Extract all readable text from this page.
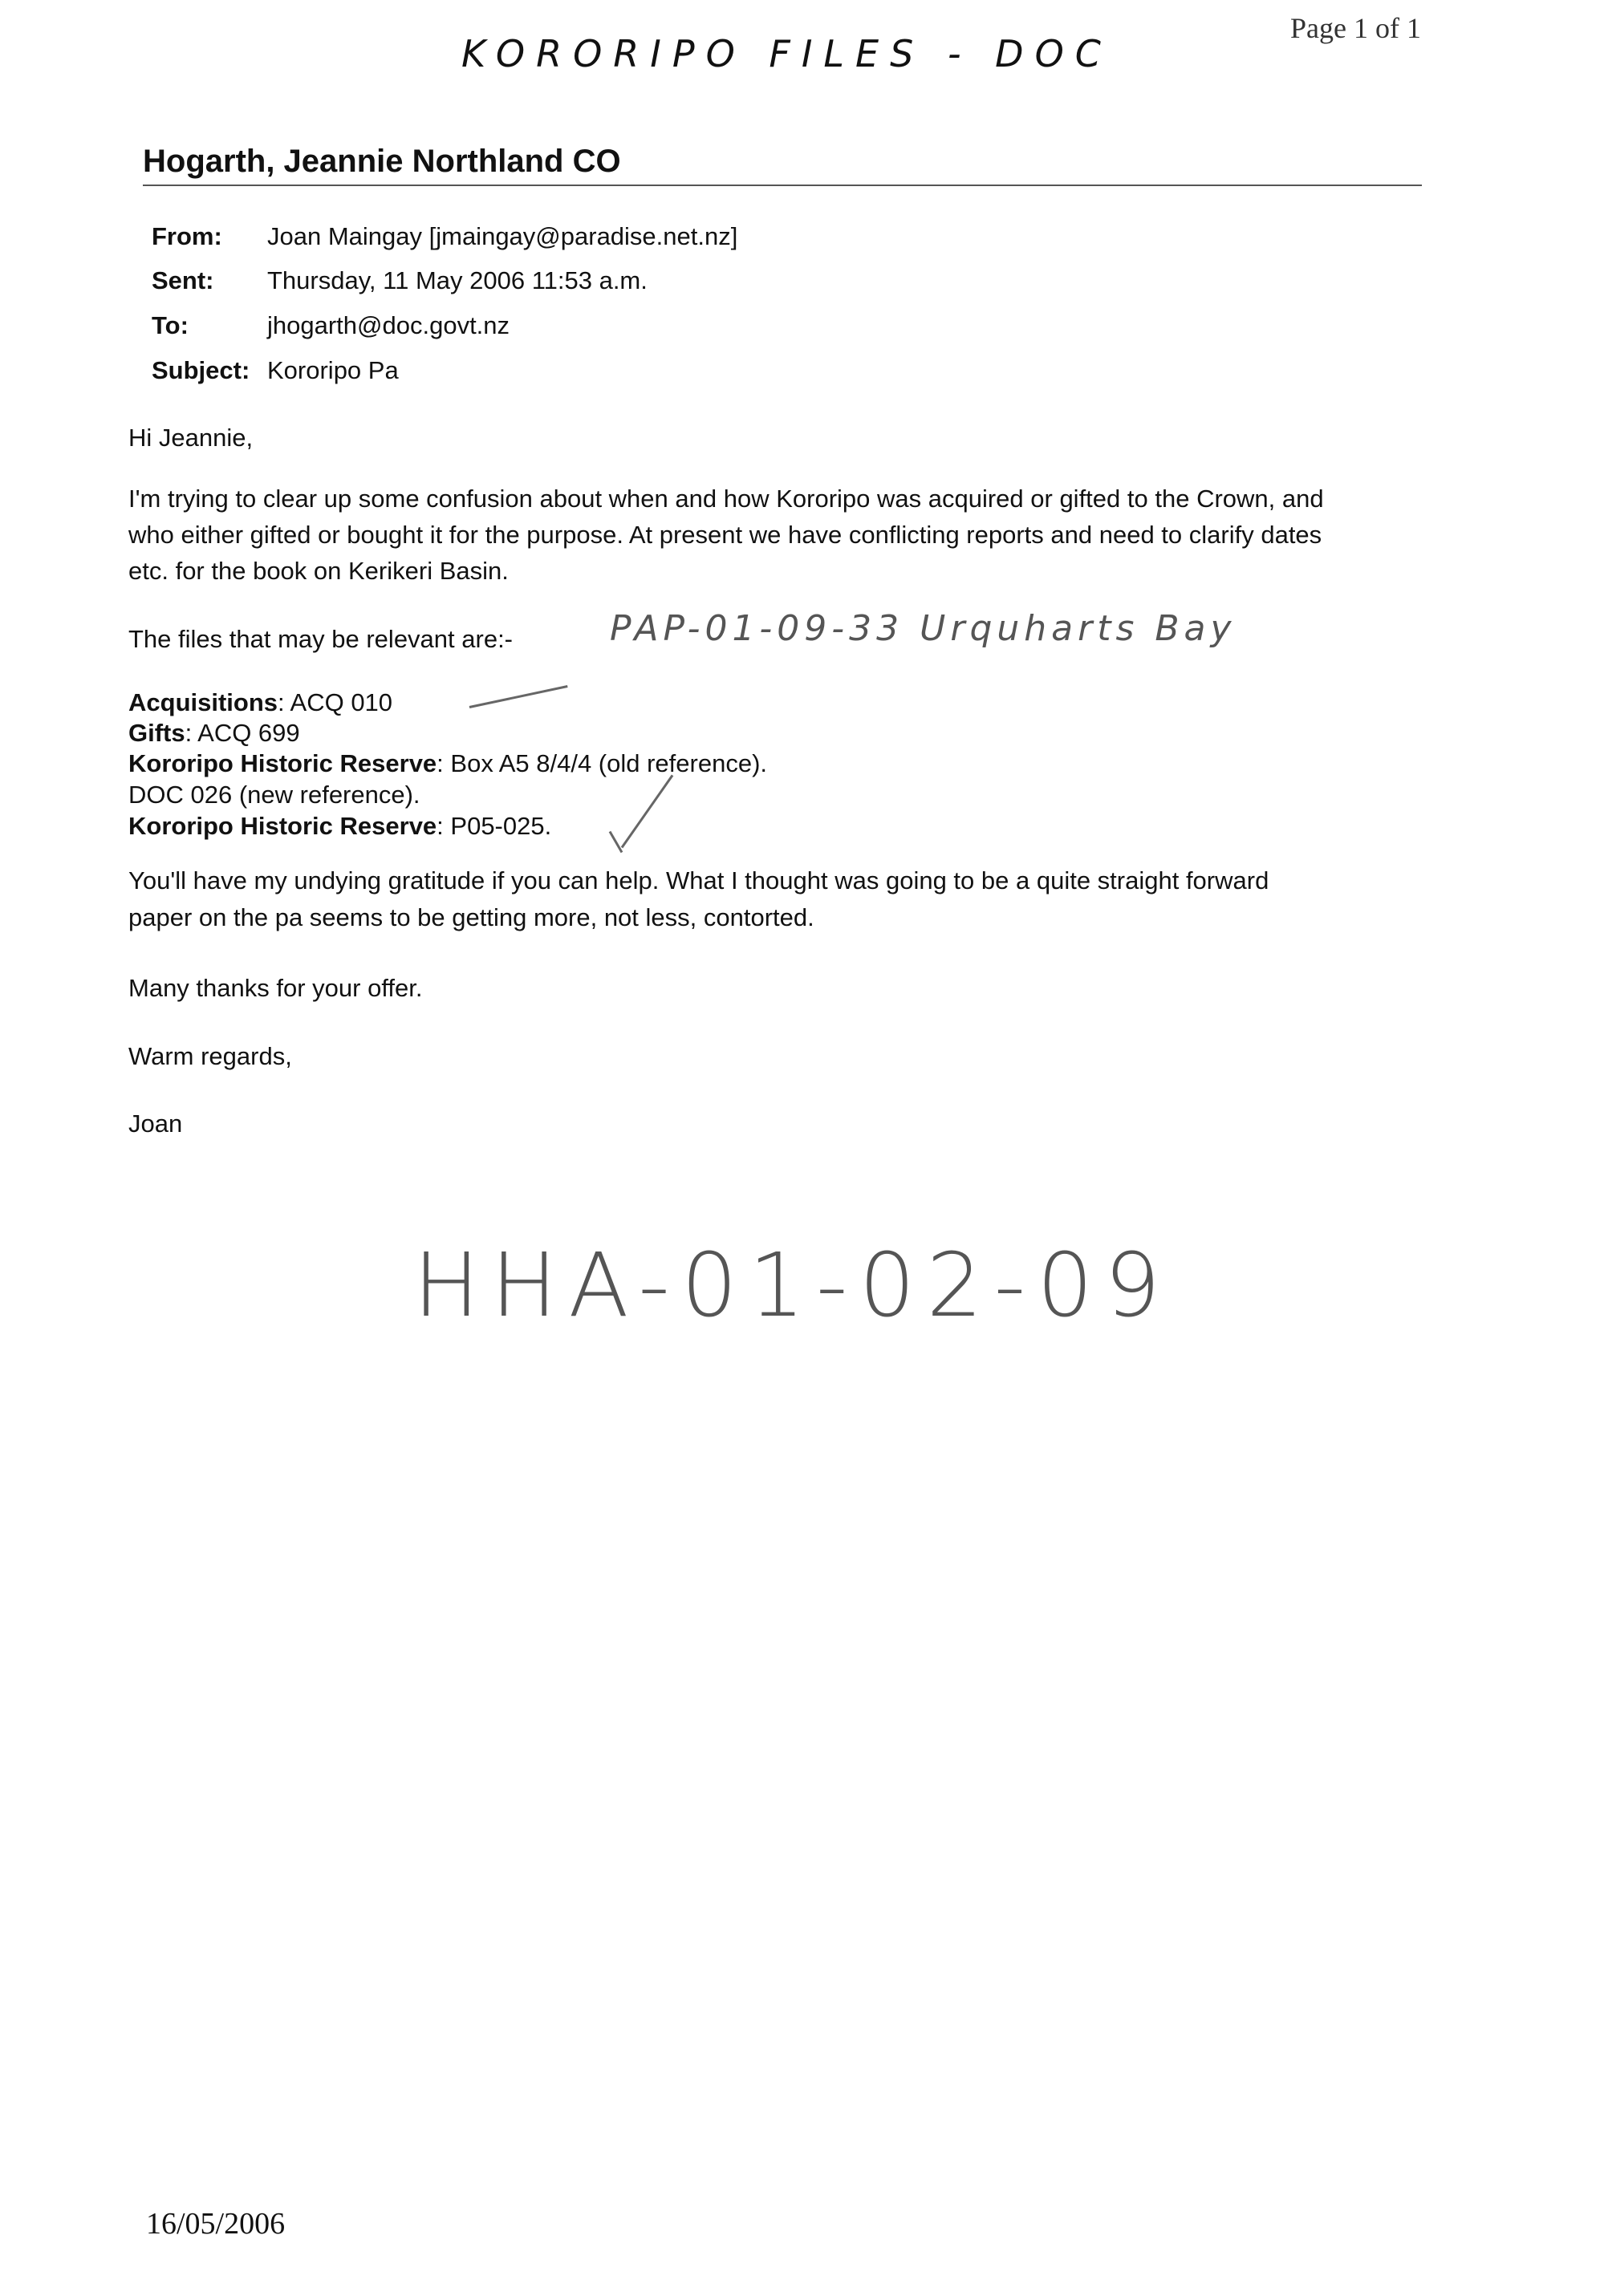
Page 1 of 1
KORORIPO FILES - DOC
Hogarth, Jeannie Northland CO
From: Joan Maingay [jmaingay@paradise.net.nz]
Sent: Thursday, 11 May 2006 11:53 a.m.
To:	jhogarth@doc.govt.nz
Subject: Kororipo Pa
Hi Jeannie,
I'm trying to clear up some confusion about when and how Kororipo was acquired or gifted to the Crown, and
who either gifted or bought it for the purpose. At present we have conflicting reports and need to clarify dates
etc. for the book on Kerikeri Basin.
The files that may be relevant are:-	PAP-01-09-33 Urquharts Bay
Acquisitions: ACQ 010
Gifts: ACQ 699
Kororipo Historic Reserve: Box A5 8/4/4 (old reference).
DOC 026 (new reference).
Kororipo Historic Reserve: P05-025.
You'll have my undying gratitude if you can help. What I thought was going to be a quite straight forward
paper on the pa seems to be getting more, not less, contorted.
Many thanks for your offer.
Warm regards,
Joan
HHA-01-02-09
16/05/2006
